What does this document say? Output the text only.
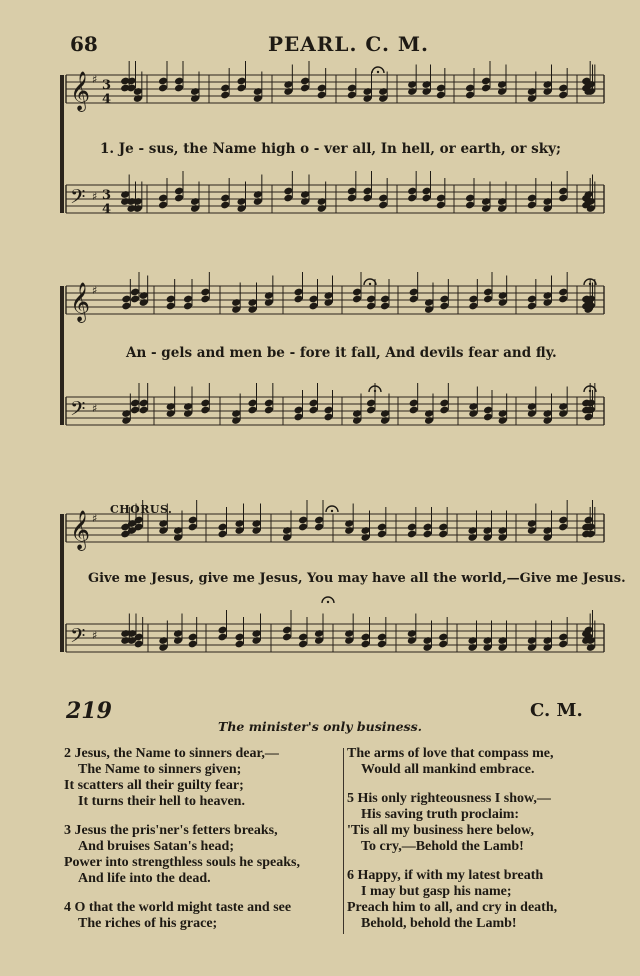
68	PEARL. C. M.
𝄞
𝄢
♯
♯
3
4
3
4
𝄞
𝄢
♯
♯
𝄞
𝄢
♯
♯
1. Je - sus, the Name high o - ver all, In hell, or earth, or sky;
An - gels and men be - fore it fall, And devils fear and fly.
CHORUS.
Give me Jesus, give me Jesus, You may have all the world,—Give me Jesus.
219	C. M.
The minister's only business.
2 Jesus, the Name to sinners dear,—
The Name to sinners given;
It scatters all their guilty fear;
It turns their hell to heaven.
3 Jesus the pris'ner's fetters breaks,
And bruises Satan's head;
Power into strengthless souls he speaks,
And life into the dead.
4 O that the world might taste and see
The riches of his grace;
The arms of love that compass me,
Would all mankind embrace.
5 His only righteousness I show,—
His saving truth proclaim:
'Tis all my business here below,
To cry,—Behold the Lamb!
6 Happy, if with my latest breath
I may but gasp his name;
Preach him to all, and cry in death,
Behold, behold the Lamb!
